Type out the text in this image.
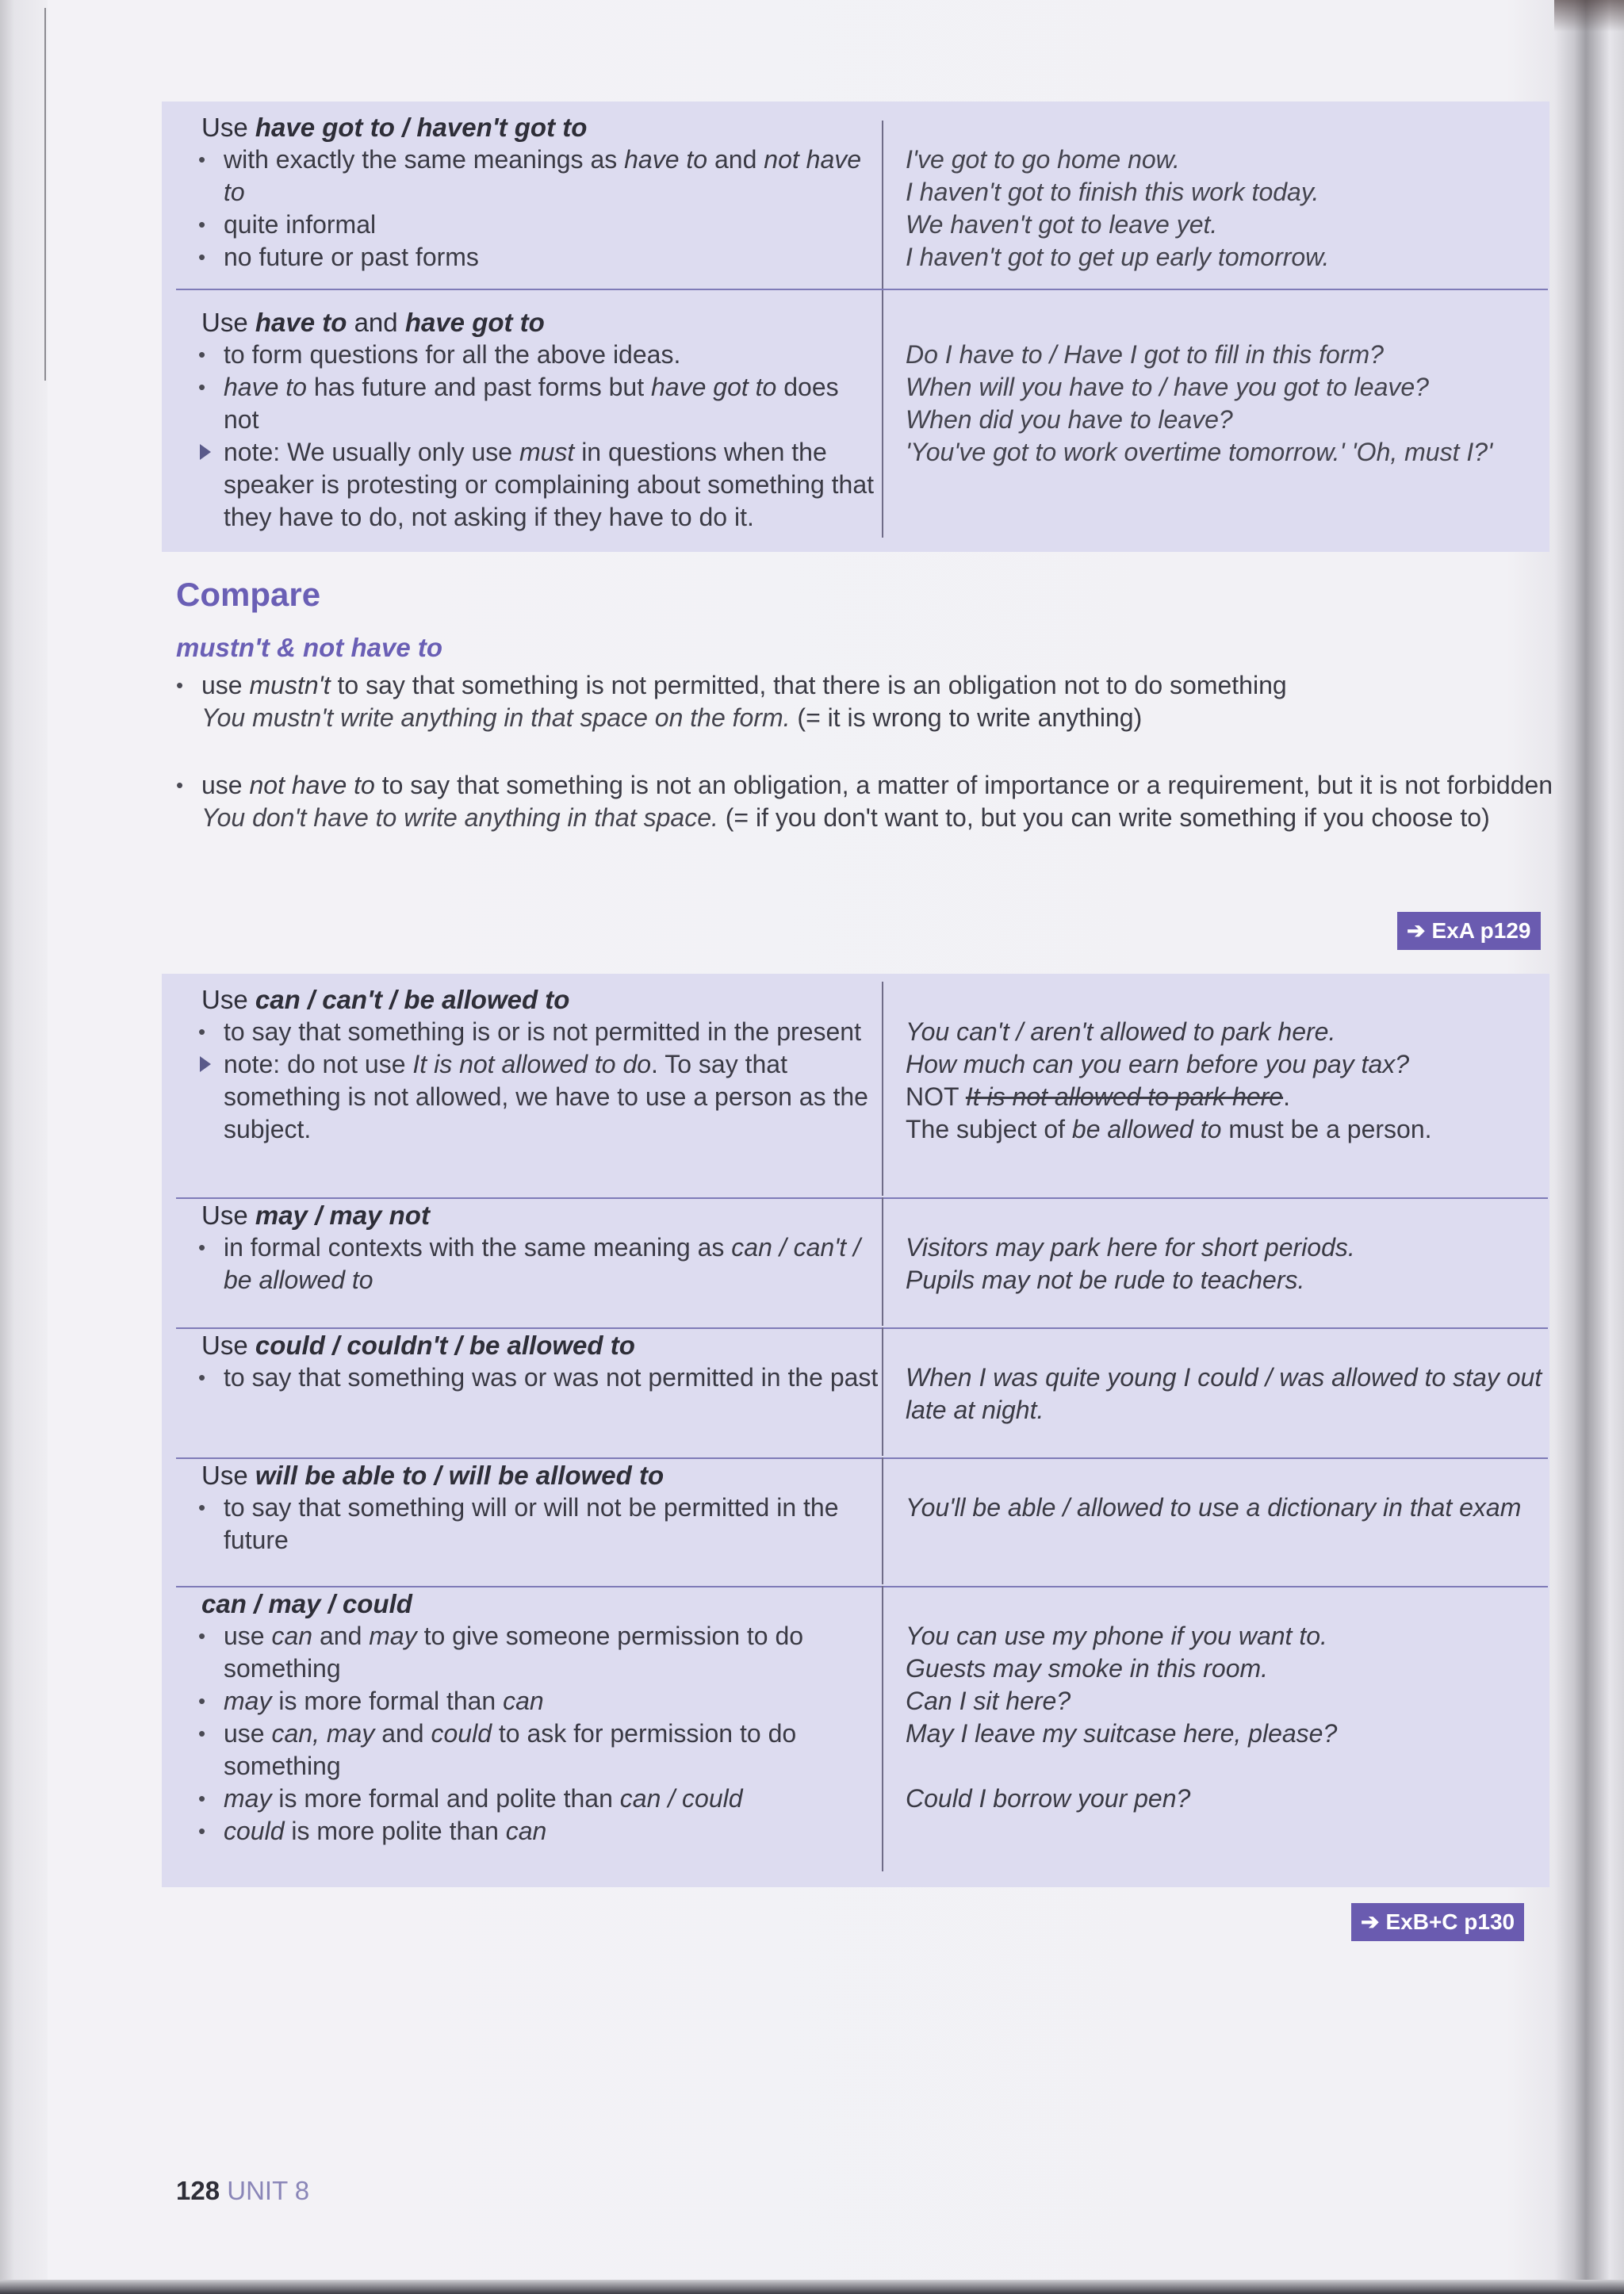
Use have got to / haven't got to
• with exactly the same meanings as have to and not have to
• quite informal
• no future or past forms
I've got to go home now.
I haven't got to finish this work today.
We haven't got to leave yet.
I haven't got to get up early tomorrow.
Use have to and have got to
• to form questions for all the above ideas.
• have to has future and past forms but have got to does not
note: We usually only use must in questions when the speaker is protesting or complaining about something that they have to do, not asking if they have to do it.
Do I have to / Have I got to fill in this form?
When will you have to / have you got to leave?
When did you have to leave?
'You've got to work overtime tomorrow.' 'Oh, must I?'
Compare
mustn't & not have to
• use mustn't to say that something is not permitted, that there is an obligation not to do something
You mustn't write anything in that space on the form. (= it is wrong to write anything)
• use not have to to say that something is not an obligation, a matter of importance or a requirement, but it is not forbidden
You don't have to write anything in that space. (= if you don't want to, but you can write something if you choose to)
➔ ExA p129
Use can / can't / be allowed to
• to say that something is or is not permitted in the present
note: do not use It is not allowed to do. To say that something is not allowed, we have to use a person as the subject.
You can't / aren't allowed to park here.
How much can you earn before you pay tax?
NOT It is not allowed to park here.
The subject of be allowed to must be a person.
Use may / may not
• in formal contexts with the same meaning as can / can't / be allowed to
Visitors may park here for short periods.
Pupils may not be rude to teachers.
Use could / couldn't / be allowed to
• to say that something was or was not permitted in the past When I was quite young I could / was allowed to stay out late at night.
Use will be able to / will be allowed to
• to say that something will or will not be permitted in the future
You'll be able / allowed to use a dictionary in that exam
can / may / could
• use can and may to give someone permission to do something
• may is more formal than can
• use can, may and could to ask for permission to do something
• may is more formal and polite than can / could
• could is more polite than can
You can use my phone if you want to.
Guests may smoke in this room.
Can I sit here?
May I leave my suitcase here, please?

Could I borrow your pen?
➔ ExB+C p130
128 UNIT 8
